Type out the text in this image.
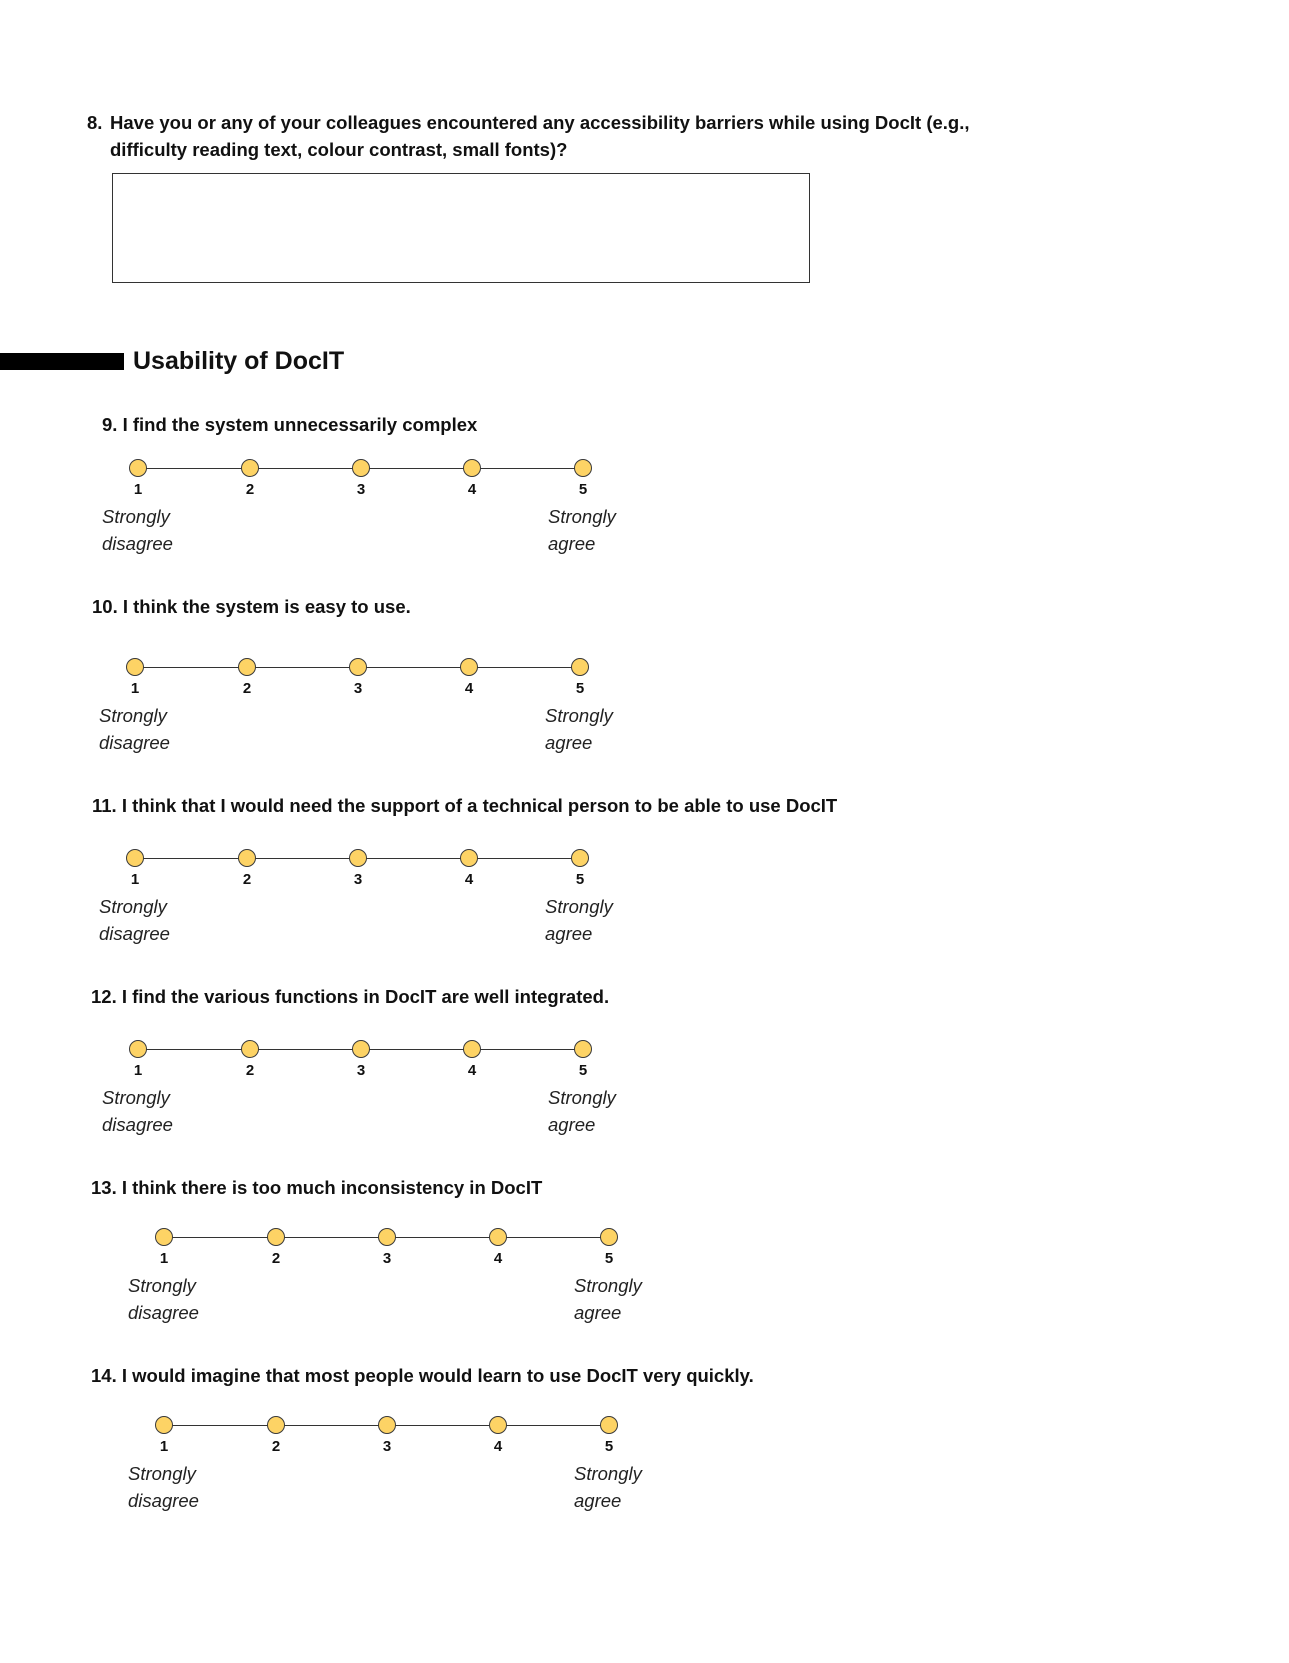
8. Have you or any of your colleagues encountered any accessibility barriers while using DocIt (e.g.,
difficulty reading text, colour contrast, small fonts)?
Usability of DocIT
9. I find the system unnecessarily complex
1	2	3	4	5
Strongly
disagree
Strongly
agree
10. I think the system is easy to use.
1	2	3	4	5
Strongly
disagree
Strongly
agree
11. I think that I would need the support of a technical person to be able to use DocIT
1	2	3	4	5
Strongly
disagree
Strongly
agree
12. I find the various functions in DocIT are well integrated.
1	2	3	4	5
Strongly
disagree
Strongly
agree
13. I think there is too much inconsistency in DocIT
1	2	3	4	5
Strongly
disagree
Strongly
agree
14. I would imagine that most people would learn to use DocIT very quickly.
1	2	3	4	5
Strongly
disagree
Strongly
agree
